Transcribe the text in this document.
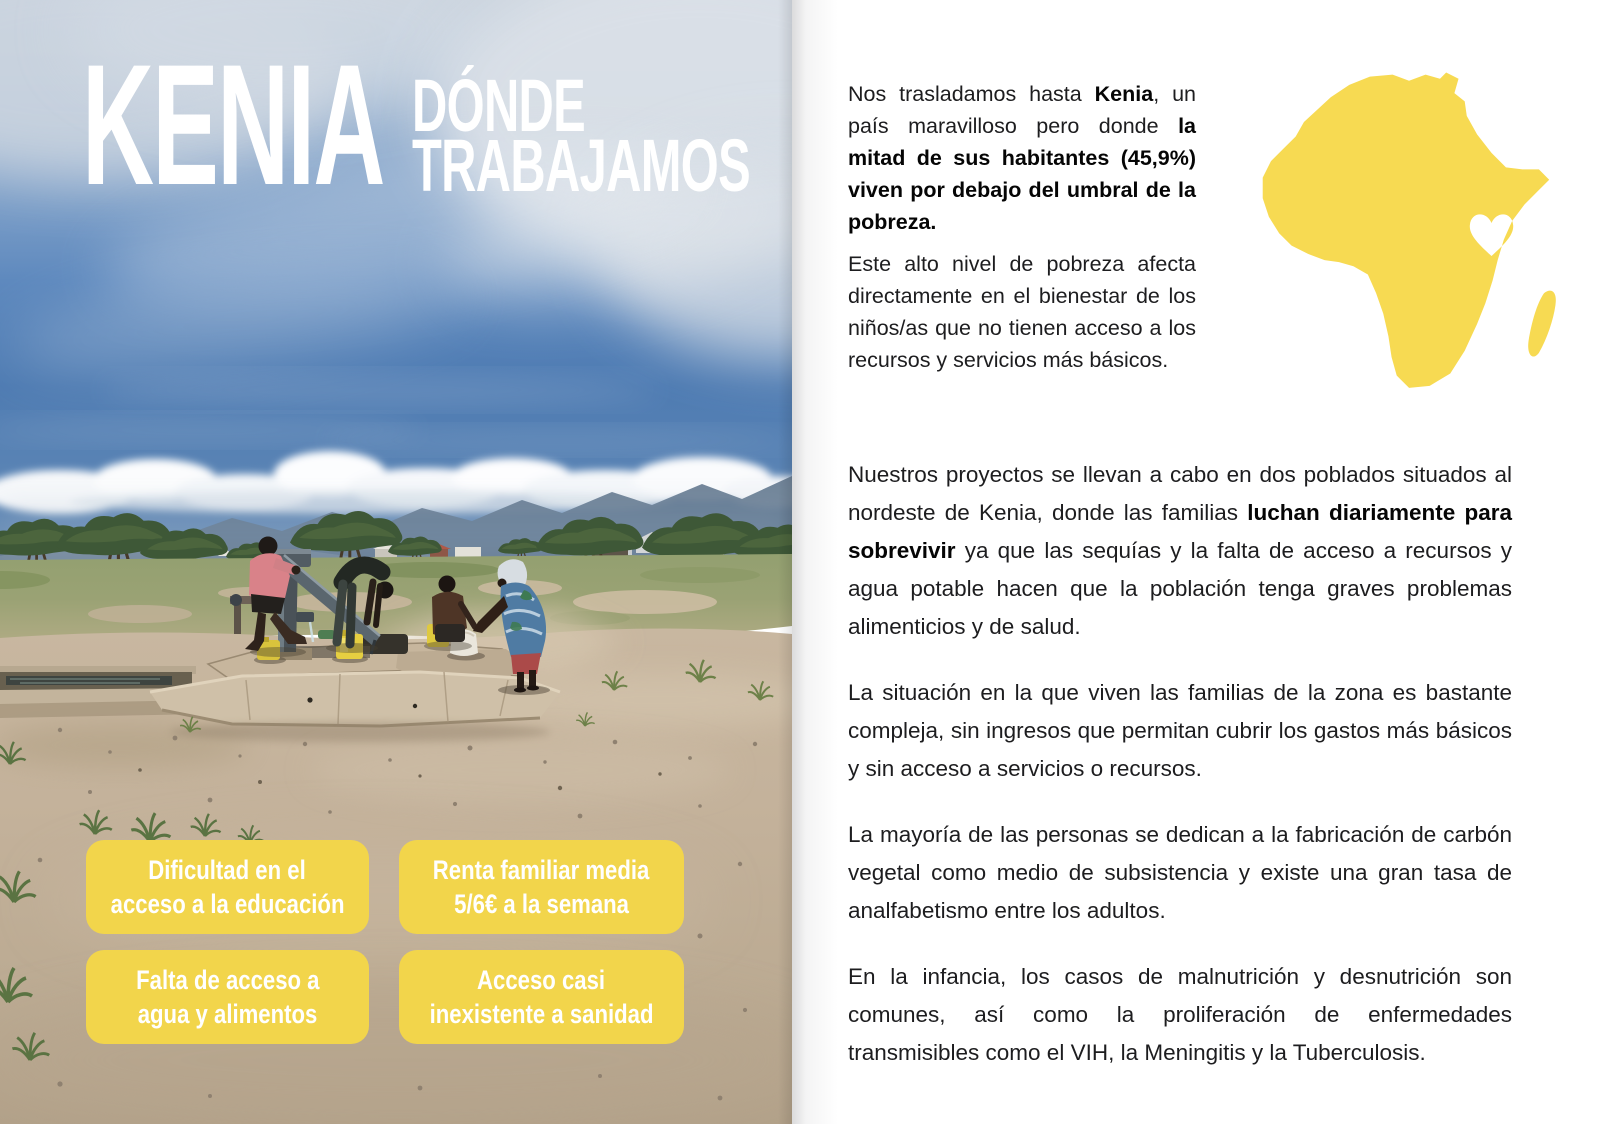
KENIA DÓNDE
TRABAJAMOS
Dificultad en el
acceso a la educación
Renta familiar media
5/6€ a la semana
Falta de acceso a
agua y alimentos
Acceso casi
inexistente a sanidad

Nos trasladamos hasta Kenia, un país maravilloso pero donde la mitad de sus habitantes (45,9%) viven por debajo del umbral de la pobreza.

Este alto nivel de pobreza afecta directamente en el bienestar de los niños/as que no tienen acceso a los recursos y servicios más básicos.

Nuestros proyectos se llevan a cabo en dos poblados situados al nordeste de Kenia, donde las familias luchan diariamente para sobrevivir ya que las sequías y la falta de acceso a recursos y agua potable hacen que la población tenga graves problemas alimenticios y de salud.

La situación en la que viven las familias de la zona es bastante compleja, sin ingresos que permitan cubrir los gastos más básicos y sin acceso a servicios o recursos.

La mayoría de las personas se dedican a la fabricación de carbón vegetal como medio de subsistencia y existe una gran tasa de analfabetismo entre los adultos.

En la infancia, los casos de malnutrición y desnutrición son comunes, así como la proliferación de enfermedades transmisibles como el VIH, la Meningitis y la Tuberculosis.
